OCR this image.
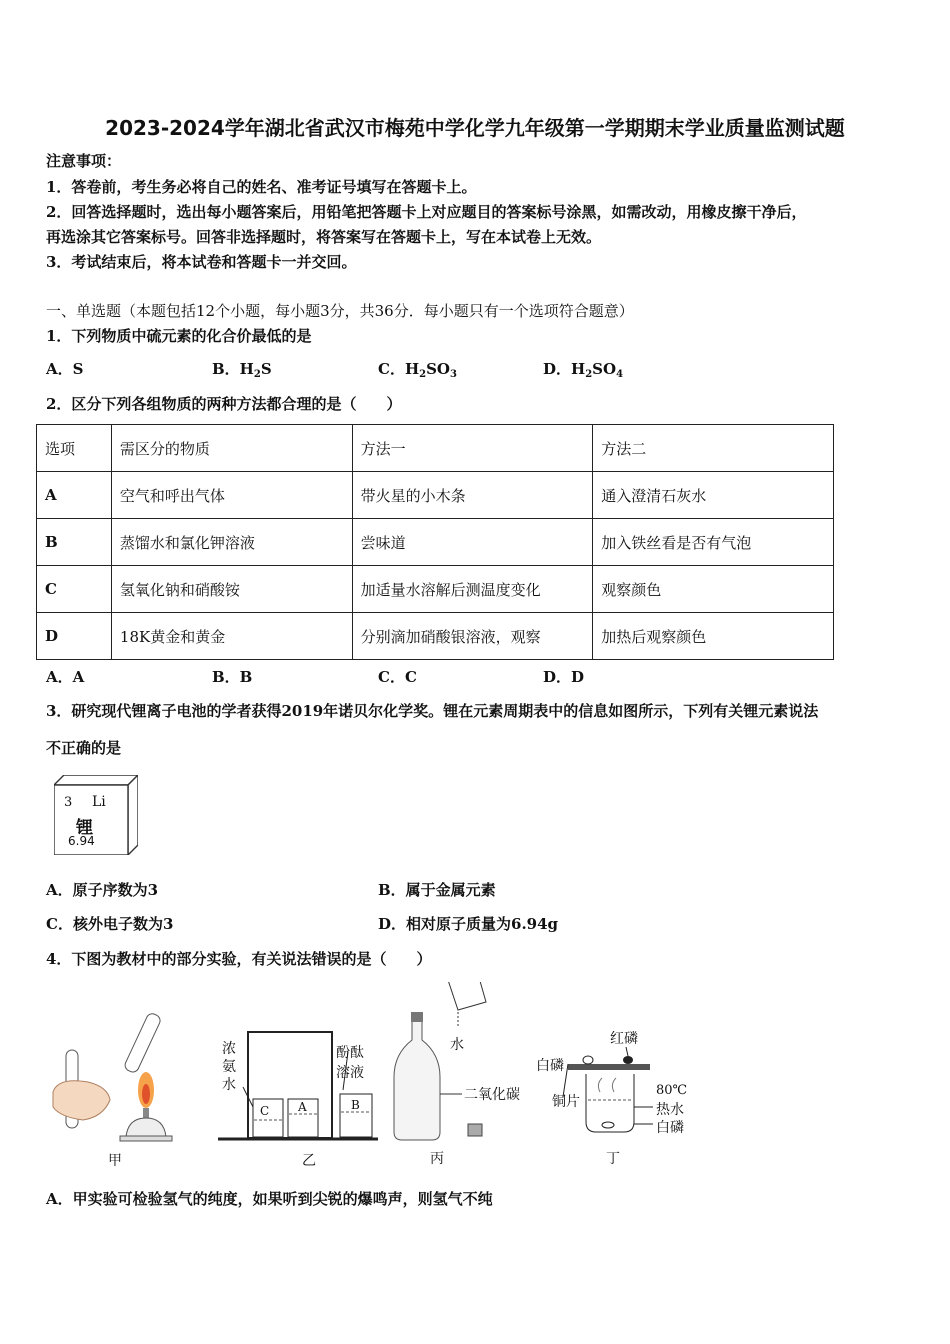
2023-2024学年湖北省武汉市梅苑中学化学九年级第一学期期末学业质量监测试题
注意事项：
1．答卷前，考生务必将自己的姓名、准考证号填写在答题卡上。
2．回答选择题时，选出每小题答案后，用铅笔把答题卡上对应题目的答案标号涂黑，如需改动，用橡皮擦干净后，
再选涂其它答案标号。回答非选择题时，将答案写在答题卡上，写在本试卷上无效。
3．考试结束后，将本试卷和答题卡一并交回。
一、单选题（本题包括12个小题，每小题3分，共36分．每小题只有一个选项符合题意）
1．下列物质中硫元素的化合价最低的是
A．S	B．$H_2S$	C．$H_2SO_3$	D．$H_2SO_4$
2．区分下列各组物质的两种方法都合理的是（　　）
选项	需区分的物质	方法一	方法二
A	空气和呼出气体	带火星的小木条	通入澄清石灰水
B	蒸馏水和氯化钾溶液	尝味道	加入铁丝看是否有气泡
C	氢氧化钠和硝酸铵	加适量水溶解后测温度变化	观察颜色
D	18K黄金和黄金	分别滴加硝酸银溶液，观察	加热后观察颜色
A．A	B．B	C．C	D．D
3．研究现代锂离子电池的学者获得2019年诺贝尔化学奖。锂在元素周期表中的信息如图所示，下列有关锂元素说法
不正确的是
3 Li
锂
6.94
A．原子序数为3	B．属于金属元素
C．核外电子数为3	D．相对原子质量为6.94g
4．下图为教材中的部分实验，有关说法错误的是（　　）
甲	乙	丙	丁
浓
氨
水
酚酞
溶液
C A	B
水
二氧化碳
红磷
白磷
铜片
80℃
热水
白磷
A．甲实验可检验氢气的纯度，如果听到尖锐的爆鸣声，则氢气不纯
